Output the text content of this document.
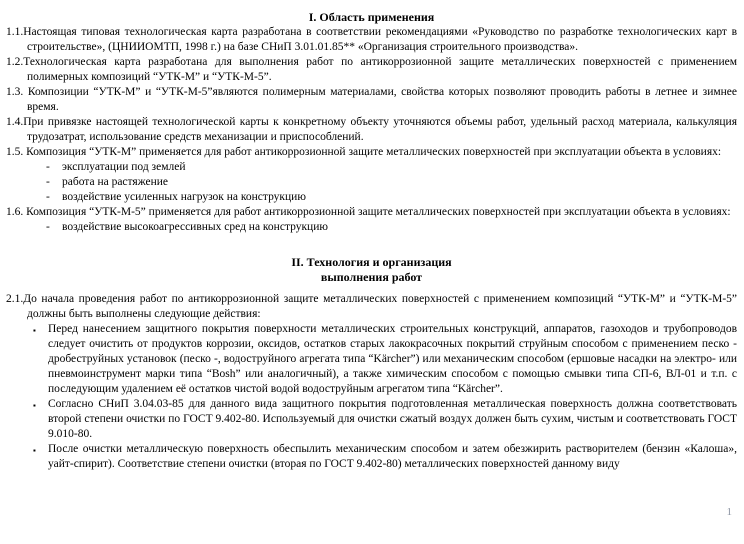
I. Область применения

1.1.Настоящая типовая технологическая карта разработана в соответствии рекомендациями «Руководство по разработке технологических карт в строительстве», (ЦНИИОМТП, 1998 г.) на базе СНиП 3.01.01.85** «Организация строительного производства».

1.2.Технологическая карта разработана для выполнения работ по антикоррозионной защите металлических поверхностей с применением полимерных композиций “УТК-М” и “УТК-М-5”.

1.3. Композиции “УТК-М” и “УТК-М-5”являются полимерным материалами, свойства которых позволяют проводить работы в летнее и зимнее время.

1.4.При привязке настоящей технологической карты к конкретному объекту уточняются объемы работ, удельный расход материала, калькуляция трудозатрат, использование средств механизации и приспособлений.

1.5. Композиция “УТК-М” применяется для работ антикоррозионной защите металлических поверхностей при эксплуатации объекта в условиях:

- эксплуатации под землей
- работа на растяжение
- воздействие усиленных нагрузок на конструкцию

1.6. Композиция “УТК-М-5” применяется для работ антикоррозионной защите металлических поверхностей при эксплуатации объекта в условиях:

- воздействие высокоагрессивных сред на конструкцию
II. Технология и организация
выполнения работ

2.1.До начала проведения работ по антикоррозионной защите металлических поверхностей с применением композиций “УТК-М” и “УТК-М-5” должны быть выполнены следующие действия:

▪ Перед нанесением защитного покрытия поверхности металлических строительных конструкций, аппаратов, газоходов и трубопроводов следует очистить от продуктов коррозии, оксидов, остатков старых лакокрасочных покрытий струйным способом с применением песко - дробеструйных установок (песко -, водоструйного агрегата типа “Kärcher”) или механическим способом (ершовые насадки на электро- или пневмоинструмент марки типа “Bosh” или аналогичный), а также химическим способом с помощью смывки типа СП-6, ВЛ-01 и т.п. с последующим удалением её остатков чистой водой водоструйным агрегатом типа “Kärcher”.

▪ Согласно СНиП 3.04.03-85 для данного вида защитного покрытия подготовленная металлическая поверхность должна соответствовать второй степени очистки по ГОСТ 9.402-80. Используемый для очистки сжатый воздух должен быть сухим, чистым и соответствовать ГОСТ 9.010-80.

▪ После очистки металлическую поверхность обеспылить механическим способом и затем обезжирить растворителем (бензин «Калоша», уайт-спирит). Соответствие степени очистки (вторая по ГОСТ 9.402-80) металлических поверхностей данному виду

1
